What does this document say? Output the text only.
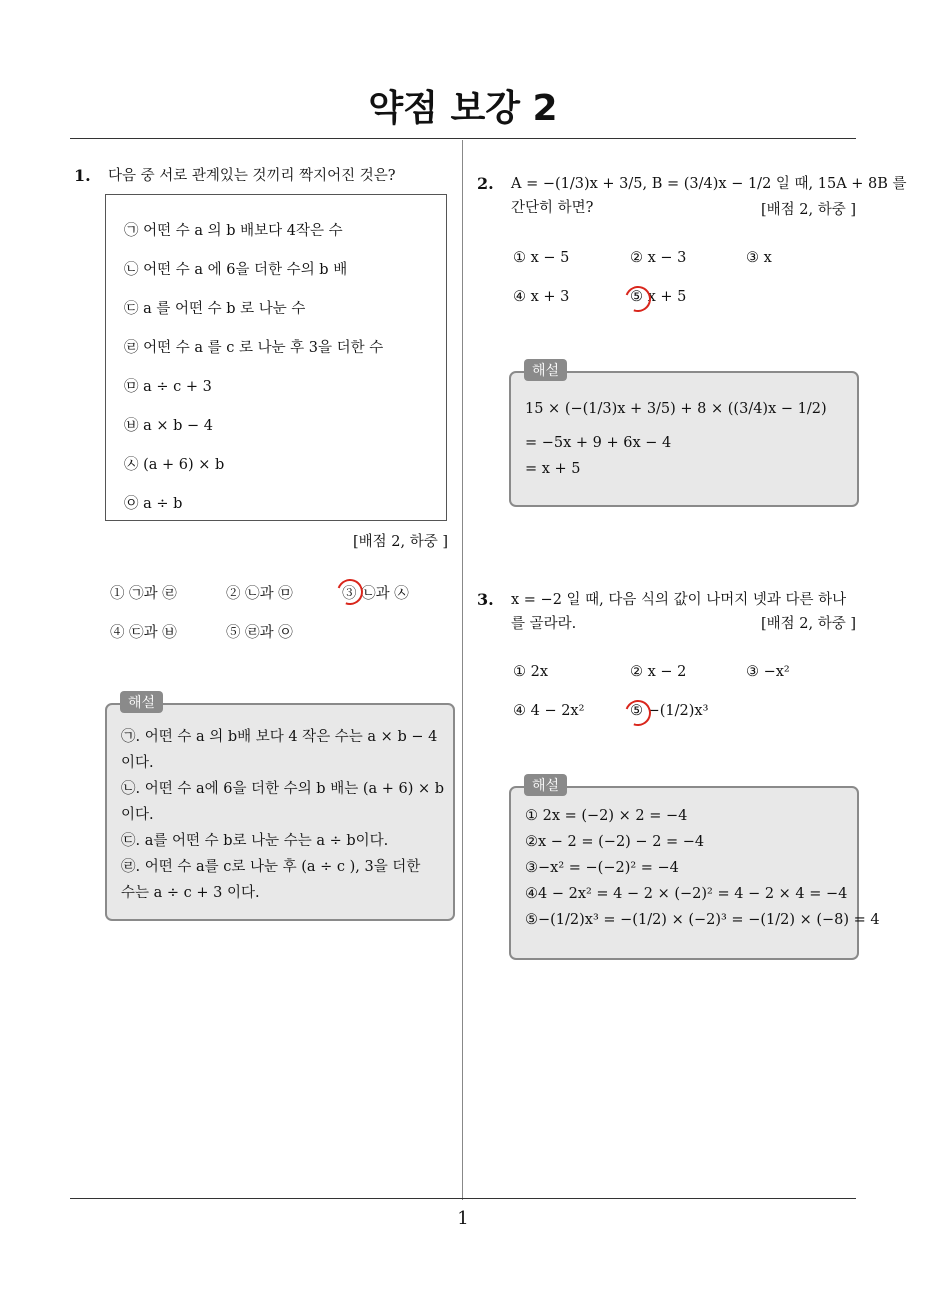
약점 보강 2
1. 다음 중 서로 관계있는 것끼리 짝지어진 것은?
㉠ 어떤 수 a 의 b 배보다 4작은 수
㉡ 어떤 수 a 에 6을 더한 수의 b 배
㉢ a 를 어떤 수 b 로 나눈 수
㉣ 어떤 수 a 를 c 로 나눈 후 3을 더한 수
㉤ a ÷ c + 3
㉥ a × b − 4
㉦ (a + 6) × b
㉧ a ÷ b
[배점 2, 하중 ]
① ㉠과 ㉣	② ㉡과 ㉤	③ ㉡과 ㉦
④ ㉢과 ㉥	⑤ ㉣과 ㉧
㉠. 어떤 수 a 의 b배 보다 4 작은 수는 a × b − 4
이다.
㉡. 어떤 수 a에 6을 더한 수의 b 배는 (a + 6) × b
이다.
㉢. a를 어떤 수 b로 나눈 수는 a ÷ b이다.
㉣. 어떤 수 a를 c로 나눈 후 (a ÷ c ), 3을 더한
수는 a ÷ c + 3 이다.
해설
2. A = −(1/3)x + 3/5, B = (3/4)x − 1/2 일 때, 15A + 8B 를
간단히 하면?	[배점 2, 하중 ]
① x − 5	② x − 3	③ x
④ x + 3	⑤ x + 5
15 × (−(1/3)x + 3/5) + 8 × ((3/4)x − 1/2)
= −5x + 9 + 6x − 4
= x + 5
해설
3. x = −2 일 때, 다음 식의 값이 나머지 넷과 다른 하나
를 골라라.	[배점 2, 하중 ]
① 2x	② x − 2	③ −x²
④ 4 − 2x²	⑤ −(1/2)x³
① 2x = (−2) × 2 = −4
②x − 2 = (−2) − 2 = −4
③−x² = −(−2)² = −4
④4 − 2x² = 4 − 2 × (−2)² = 4 − 2 × 4 = −4
⑤−(1/2)x³ = −(1/2) × (−2)³ = −(1/2) × (−8) = 4
해설
1
